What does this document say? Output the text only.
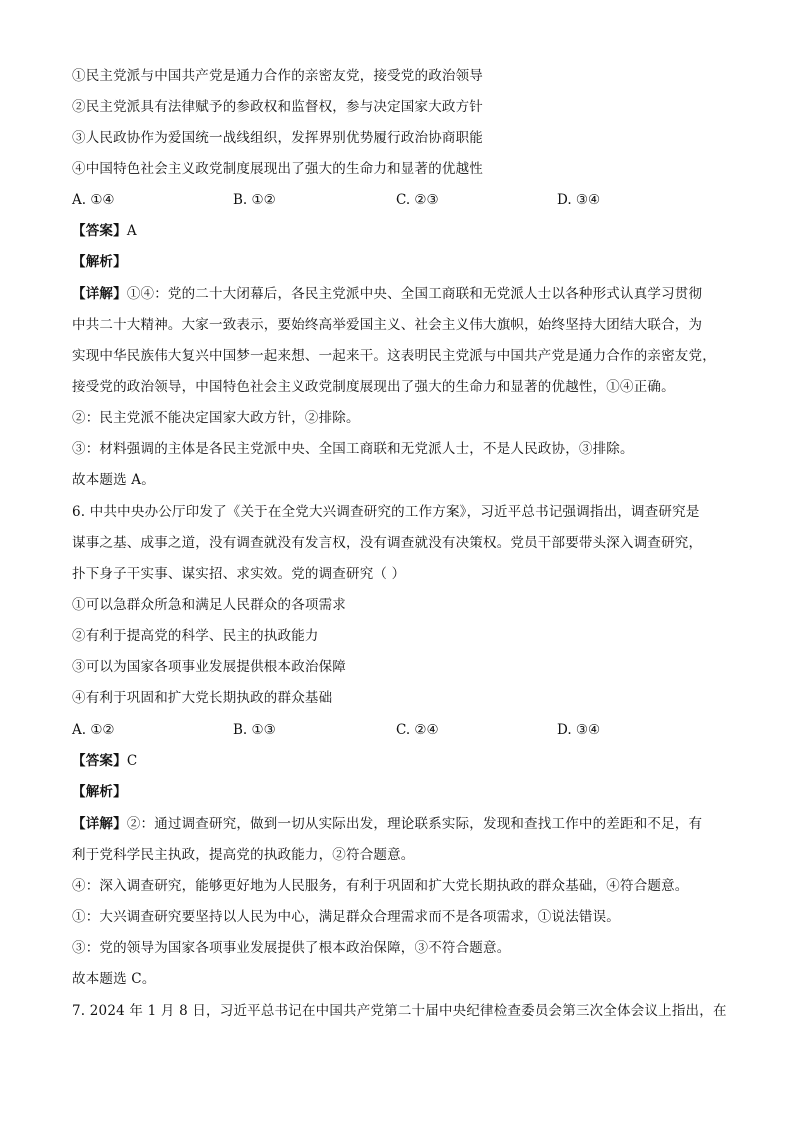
①民主党派与中国共产党是通力合作的亲密友党，接受党的政治领导
②民主党派具有法律赋予的参政权和监督权，参与决定国家大政方针
③人民政协作为爱国统一战线组织，发挥界别优势履行政治协商职能
④中国特色社会主义政党制度展现出了强大的生命力和显著的优越性
A. ①④	B. ①②	C. ②③	D. ③④
【答案】A
【解析】
【详解】①④：党的二十大闭幕后，各民主党派中央、全国工商联和无党派人士以各种形式认真学习贯彻
中共二十大精神。大家一致表示，要始终高举爱国主义、社会主义伟大旗帜，始终坚持大团结大联合，为
实现中华民族伟大复兴中国梦一起来想、一起来干。这表明民主党派与中国共产党是通力合作的亲密友党，
接受党的政治领导，中国特色社会主义政党制度展现出了强大的生命力和显著的优越性，①④正确。
②：民主党派不能决定国家大政方针，②排除。
③：材料强调的主体是各民主党派中央、全国工商联和无党派人士，不是人民政协，③排除。
故本题选 A。
6. 中共中央办公厅印发了《关于在全党大兴调查研究的工作方案》，习近平总书记强调指出，调查研究是
谋事之基、成事之道，没有调查就没有发言权，没有调查就没有决策权。党员干部要带头深入调查研究，
扑下身子干实事、谋实招、求实效。党的调查研究（ ）
①可以急群众所急和满足人民群众的各项需求
②有利于提高党的科学、民主的执政能力
③可以为国家各项事业发展提供根本政治保障
④有利于巩固和扩大党长期执政的群众基础
A. ①②	B. ①③	C. ②④	D. ③④
【答案】C
【解析】
【详解】②：通过调查研究，做到一切从实际出发，理论联系实际，发现和查找工作中的差距和不足，有
利于党科学民主执政，提高党的执政能力，②符合题意。
④：深入调查研究，能够更好地为人民服务，有利于巩固和扩大党长期执政的群众基础，④符合题意。
①：大兴调查研究要坚持以人民为中心，满足群众合理需求而不是各项需求，①说法错误。
③：党的领导为国家各项事业发展提供了根本政治保障，③不符合题意。
故本题选 C。
7. 2024 年 1 月 8 日，习近平总书记在中国共产党第二十届中央纪律检查委员会第三次全体会议上指出，在
